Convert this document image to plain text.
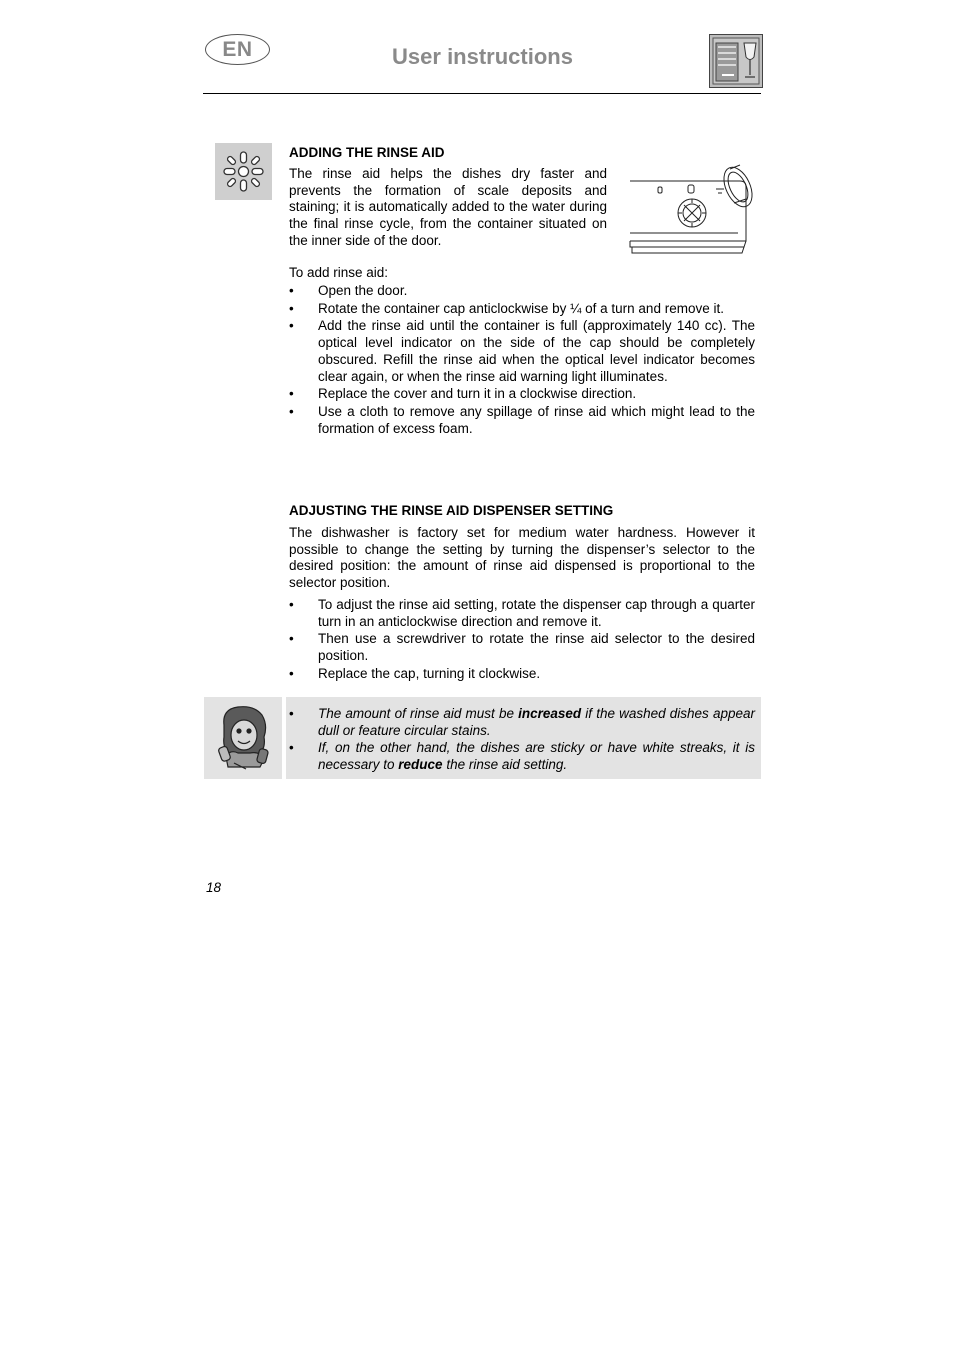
EN	User instructions
ADDING THE RINSE AID
The rinse aid helps the dishes dry faster and prevents the formation of scale deposits and staining; it is automatically added to the water during the final rinse cycle, from the container situated on the inner side of the door.
To add rinse aid:
• Open the door.
• Rotate the container cap anticlockwise by ¼ of a turn and remove it.
• Add the rinse aid until the container is full (approximately 140 cc). The optical level indicator on the side of the cap should be completely obscured. Refill the rinse aid when the optical level indicator becomes clear again, or when the rinse aid warning light illuminates.
• Replace the cover and turn it in a clockwise direction.
• Use a cloth to remove any spillage of rinse aid which might lead to the formation of excess foam.
ADJUSTING THE RINSE AID DISPENSER SETTING
The dishwasher is factory set for medium water hardness. However it possible to change the setting by turning the dispenser’s selector to the desired position: the amount of rinse aid dispensed is proportional to the selector position.
• To adjust the rinse aid setting, rotate the dispenser cap through a quarter turn in an anticlockwise direction and remove it.
• Then use a screwdriver to rotate the rinse aid selector to the desired position.
• Replace the cap, turning it clockwise.
• The amount of rinse aid must be increased if the washed dishes appear dull or feature circular stains.
• If, on the other hand, the dishes are sticky or have white streaks, it is necessary to reduce the rinse aid setting.
18
